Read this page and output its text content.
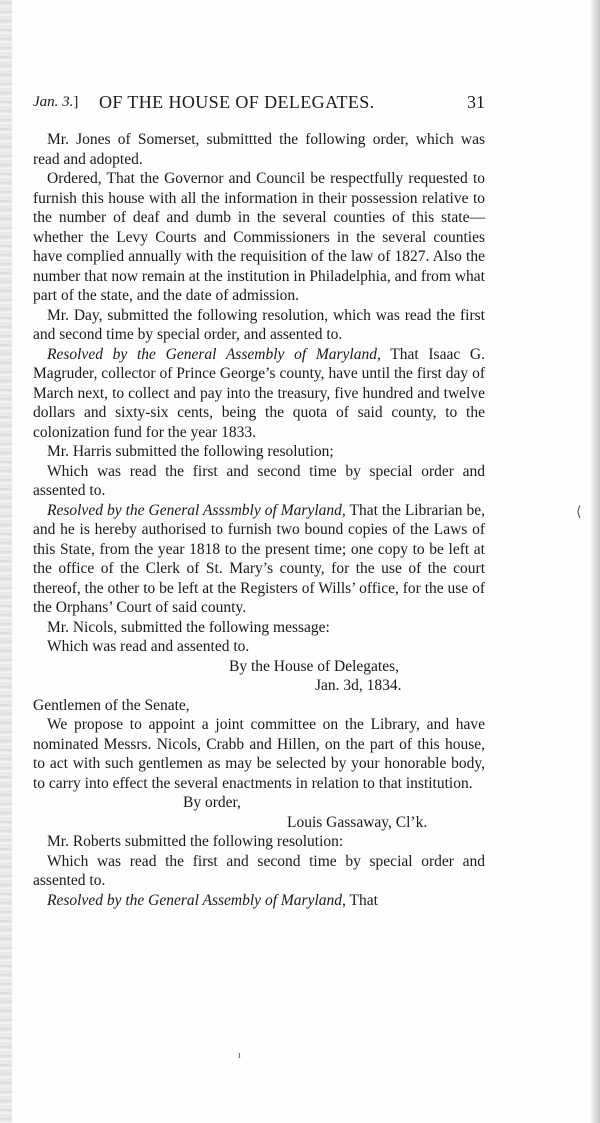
Jan. 3.] OF THE HOUSE OF DELEGATES.	31

Mr. Jones of Somerset, submittted the following order, which was read and adopted.

Ordered, That the Governor and Council be respectfully requested to furnish this house with all the information in their possession relative to the number of deaf and dumb in the several counties of this state—whether the Levy Courts and Commissioners in the several counties have complied annually with the requisition of the law of 1827. Also the number that now remain at the institution in Philadelphia, and from what part of the state, and the date of admission.

Mr. Day, submitted the following resolution, which was read the first and second time by special order, and assented to.

Resolved by the General Assembly of Maryland, That Isaac G. Magruder, collector of Prince George’s county, have until the first day of March next, to collect and pay into the treasury, five hundred and twelve dollars and sixty-six cents, being the quota of said county, to the colonization fund for the year 1833.

Mr. Harris submitted the following resolution;

Which was read the first and second time by special order and assented to.

Resolved by the General Asssmbly of Maryland, That the Librarian be, and he is hereby authorised to furnish two bound copies of the Laws of this State, from the year 1818 to the present time; one copy to be left at the office of the Clerk of St. Mary’s county, for the use of the court thereof, the other to be left at the Registers of Wills’ office, for the use of the Orphans’ Court of said county.

Mr. Nicols, submitted the following message:

Which was read and assented to.

By the House of Delegates,

Jan. 3d, 1834.

Gentlemen of the Senate,

We propose to appoint a joint committee on the Library, and have nominated Messrs. Nicols, Crabb and Hillen, on the part of this house, to act with such gentlemen as may be selected by your honorable body, to carry into effect the several enactments in relation to that institution.

By order,

Louis Gassaway, Cl’k.

Mr. Roberts submitted the following resolution:

Which was read the first and second time by special order and assented to.

Resolved by the General Assembly of Maryland, That

⟨
ı
